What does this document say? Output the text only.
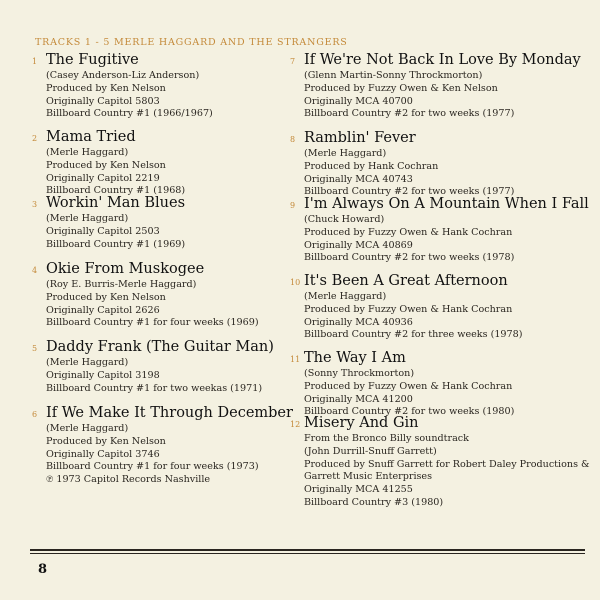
TRACKS 1 - 5 MERLE HAGGARD AND THE STRANGERS
1 The Fugitive
(Casey Anderson-Liz Anderson)
Produced by Ken Nelson
Originally Capitol 5803
Billboard Country #1 (1966/1967)
2 Mama Tried
(Merle Haggard)
Produced by Ken Nelson
Originally Capitol 2219
Billboard Country #1 (1968)
3 Workin' Man Blues
(Merle Haggard)
Originally Capitol 2503
Billboard Country #1 (1969)
4 Okie From Muskogee
(Roy E. Burris-Merle Haggard)
Produced by Ken Nelson
Originally Capitol 2626
Billboard Country #1 for four weeks (1969)
5 Daddy Frank (The Guitar Man)
(Merle Haggard)
Originally Capitol 3198
Billboard Country #1 for two weekas (1971)
6 If We Make It Through December
(Merle Haggard)
Produced by Ken Nelson
Originally Capitol 3746
Billboard Country #1 for four weeks (1973)
℗ 1973 Capitol Records Nashville
7 If We're Not Back In Love By Monday
(Glenn Martin-Sonny Throckmorton)
Produced by Fuzzy Owen & Ken Nelson
Originally MCA 40700
Billboard Country #2 for two weeks (1977)
8 Ramblin' Fever
(Merle Haggard)
Produced by Hank Cochran
Originally MCA 40743
Billboard Country #2 for two weeks (1977)
9 I'm Always On A Mountain When I Fall
(Chuck Howard)
Produced by Fuzzy Owen & Hank Cochran
Originally MCA 40869
Billboard Country #2 for two weeks (1978)
10 It's Been A Great Afternoon
(Merle Haggard)
Produced by Fuzzy Owen & Hank Cochran
Originally MCA 40936
Billboard Country #2 for three weeks (1978)
11 The Way I Am
(Sonny Throckmorton)
Produced by Fuzzy Owen & Hank Cochran
Originally MCA 41200
Billboard Country #2 for two weeks (1980)
12 Misery And Gin
From the Bronco Billy soundtrack
(John Durrill-Snuff Garrett)
Produced by Snuff Garrett for Robert Daley Productions &
Garrett Music Enterprises
Originally MCA 41255
Billboard Country #3 (1980)
8
